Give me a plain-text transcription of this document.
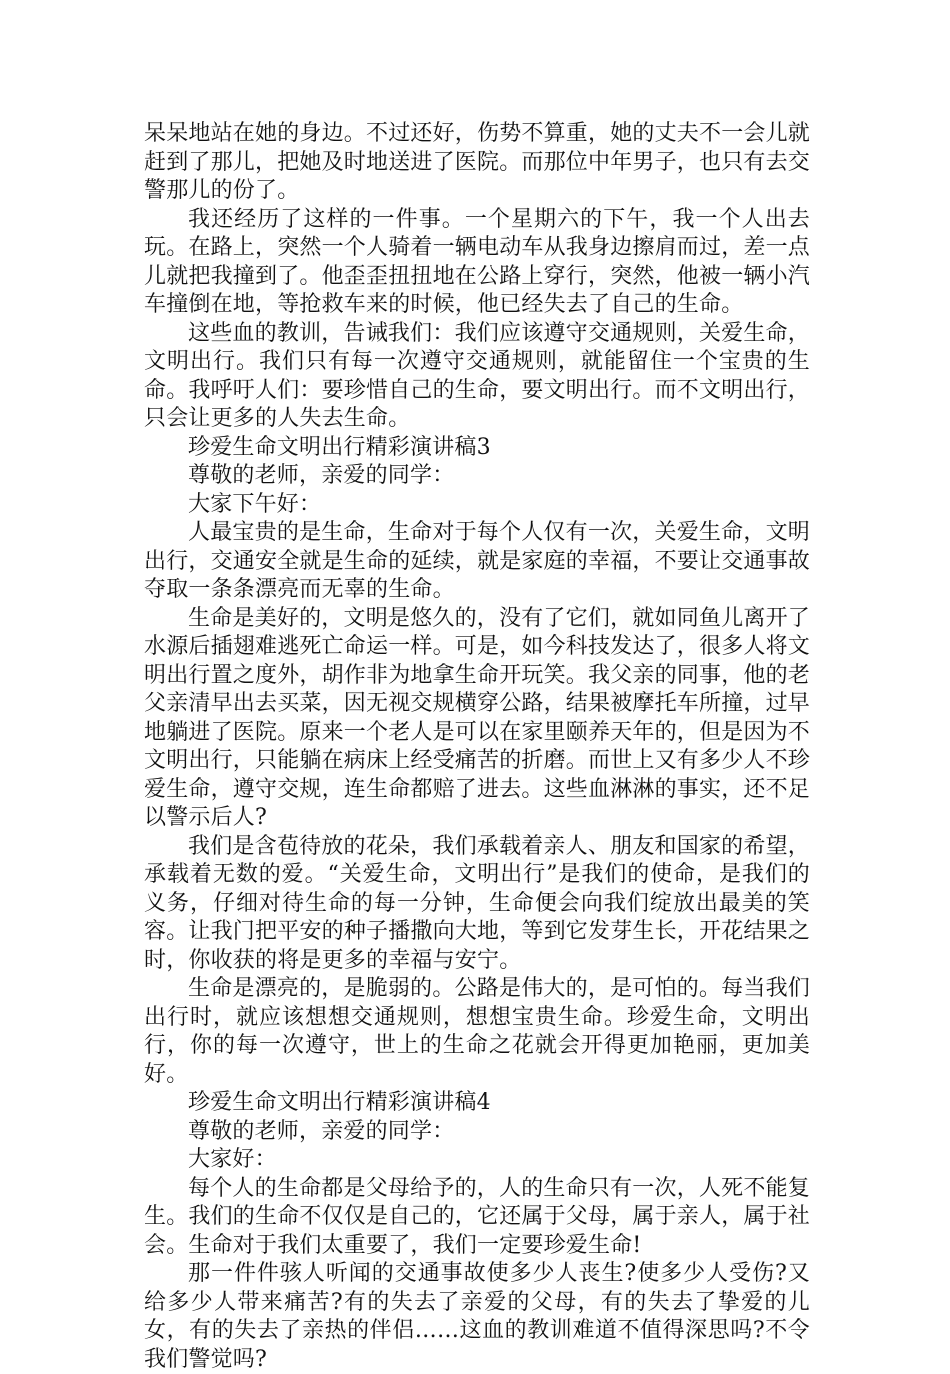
呆呆地站在她的身边。不过还好，伤势不算重，她的丈夫不一会儿就赶到了那儿，把她及时地送进了医院。而那位中年男子，也只有去交警那儿的份了。

我还经历了这样的一件事。一个星期六的下午，我一个人出去玩。在路上，突然一个人骑着一辆电动车从我身边擦肩而过，差一点儿就把我撞到了。他歪歪扭扭地在公路上穿行，突然，他被一辆小汽车撞倒在地，等抢救车来的时候，他已经失去了自己的生命。

这些血的教训，告诫我们：我们应该遵守交通规则，关爱生命，文明出行。我们只有每一次遵守交通规则，就能留住一个宝贵的生命。我呼吁人们：要珍惜自己的生命，要文明出行。而不文明出行，只会让更多的人失去生命。

珍爱生命文明出行精彩演讲稿3

尊敬的老师，亲爱的同学：

大家下午好：

人最宝贵的是生命，生命对于每个人仅有一次，关爱生命，文明出行，交通安全就是生命的延续，就是家庭的幸福，不要让交通事故夺取一条条漂亮而无辜的生命。

生命是美好的，文明是悠久的，没有了它们，就如同鱼儿离开了水源后插翅难逃死亡命运一样。可是，如今科技发达了，很多人将文明出行置之度外，胡作非为地拿生命开玩笑。我父亲的同事，他的老父亲清早出去买菜，因无视交规横穿公路，结果被摩托车所撞，过早地躺进了医院。原来一个老人是可以在家里颐养天年的，但是因为不文明出行，只能躺在病床上经受痛苦的折磨。而世上又有多少人不珍爱生命，遵守交规，连生命都赔了进去。这些血淋淋的事实，还不足以警示后人?

我们是含苞待放的花朵，我们承载着亲人、朋友和国家的希望，承载着无数的爱。“关爱生命，文明出行”是我们的使命，是我们的义务，仔细对待生命的每一分钟，生命便会向我们绽放出最美的笑容。让我门把平安的种子播撒向大地，等到它发芽生长，开花结果之时，你收获的将是更多的幸福与安宁。

生命是漂亮的，是脆弱的。公路是伟大的，是可怕的。每当我们出行时，就应该想想交通规则，想想宝贵生命。珍爱生命，文明出行，你的每一次遵守，世上的生命之花就会开得更加艳丽，更加美好。

珍爱生命文明出行精彩演讲稿4

尊敬的老师，亲爱的同学：

大家好：

每个人的生命都是父母给予的，人的生命只有一次，人死不能复生。我们的生命不仅仅是自己的，它还属于父母，属于亲人，属于社会。生命对于我们太重要了，我们一定要珍爱生命!

那一件件骇人听闻的交通事故使多少人丧生?使多少人受伤?又给多少人带来痛苦?有的失去了亲爱的父母，有的失去了挚爱的儿女，有的失去了亲热的伴侣……这血的教训难道不值得深思吗?不令我们警觉吗?
